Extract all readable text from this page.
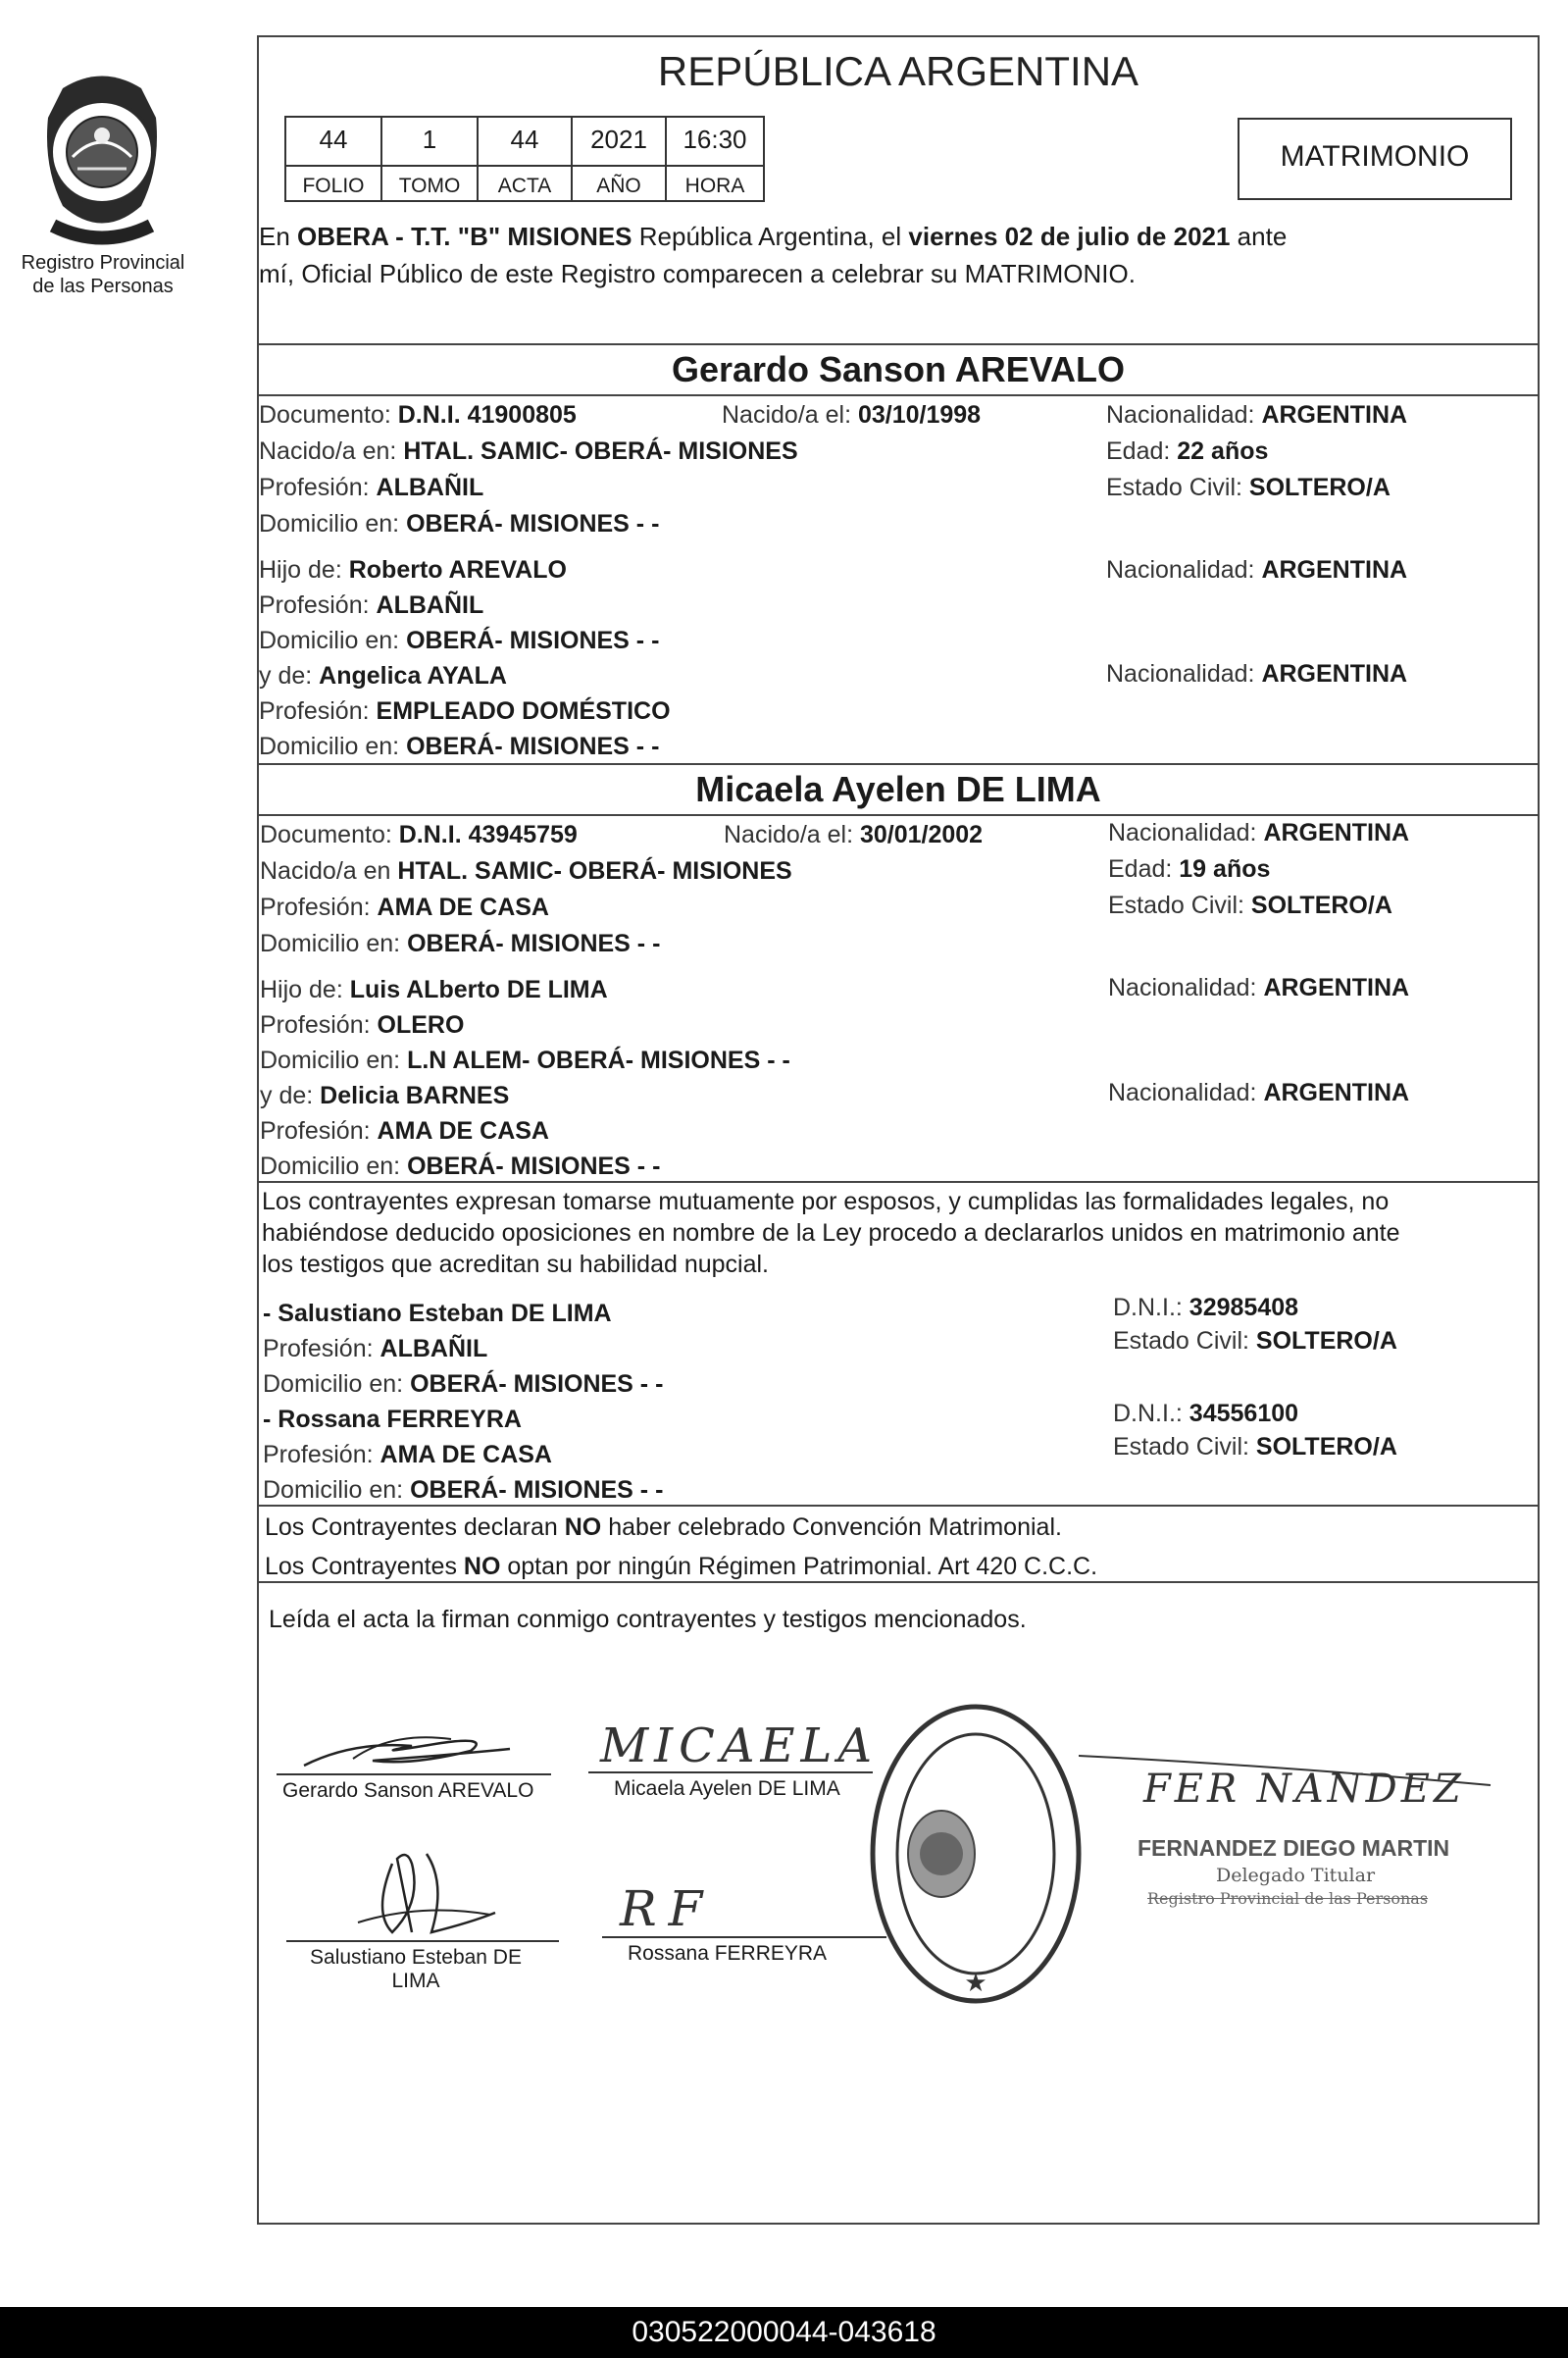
Registro Provincial
de las Personas
REPÚBLICA ARGENTINA
44	1	44	2021	16:30
FOLIO	TOMO	ACTA	AÑO	HORA
MATRIMONIO
En OBERA - T.T. "B" MISIONES República Argentina, el viernes 02 de julio de 2021 ante
mí, Oficial Público de este Registro comparecen a celebrar su MATRIMONIO.
Gerardo Sanson AREVALO
Documento: D.N.I. 41900805	Nacido/a el: 03/10/1998	Nacionalidad: ARGENTINA
Nacido/a en: HTAL. SAMIC- OBERÁ- MISIONES	Edad: 22 años
Profesión: ALBAÑIL	Estado Civil: SOLTERO/A
Domicilio en: OBERÁ- MISIONES - -
Hijo de: Roberto AREVALO	Nacionalidad: ARGENTINA
Profesión: ALBAÑIL
Domicilio en: OBERÁ- MISIONES - -
y de: Angelica AYALA	Nacionalidad: ARGENTINA
Profesión: EMPLEADO DOMÉSTICO
Domicilio en: OBERÁ- MISIONES - -
Micaela Ayelen DE LIMA
Documento: D.N.I. 43945759	Nacido/a el: 30/01/2002	Nacionalidad: ARGENTINA
Nacido/a en HTAL. SAMIC- OBERÁ- MISIONES	Edad: 19 años
Profesión: AMA DE CASA	Estado Civil: SOLTERO/A
Domicilio en: OBERÁ- MISIONES - -
Hijo de: Luis ALberto DE LIMA	Nacionalidad: ARGENTINA
Profesión: OLERO
Domicilio en: L.N ALEM- OBERÁ- MISIONES - -
y de: Delicia BARNES	Nacionalidad: ARGENTINA
Profesión: AMA DE CASA
Domicilio en: OBERÁ- MISIONES - -
Los contrayentes expresan tomarse mutuamente por esposos, y cumplidas las formalidades legales, no
habiéndose deducido oposiciones en nombre de la Ley procedo a declararlos unidos en matrimonio ante
los testigos que acreditan su habilidad nupcial.
- Salustiano Esteban DE LIMA	D.N.I.: 32985408
Profesión: ALBAÑIL	Estado Civil: SOLTERO/A
Domicilio en: OBERÁ- MISIONES - -
- Rossana FERREYRA	D.N.I.: 34556100
Profesión: AMA DE CASA	Estado Civil: SOLTERO/A
Domicilio en: OBERÁ- MISIONES - -
Los Contrayentes declaran NO haber celebrado Convención Matrimonial.
Los Contrayentes NO optan por ningún Régimen Patrimonial. Art 420 C.C.C.
Leída el acta la firman conmigo contrayentes y testigos mencionados.
Gerardo Sanson AREVALO
MICAELA
Micaela Ayelen DE LIMA
Salustiano Esteban DE
LIMA
RF
Rossana FERREYRA
★
FER NANDEZ
FERNANDEZ DIEGO MARTIN
Delegado Titular
Registro Provincial de las Personas
030522000044-043618
